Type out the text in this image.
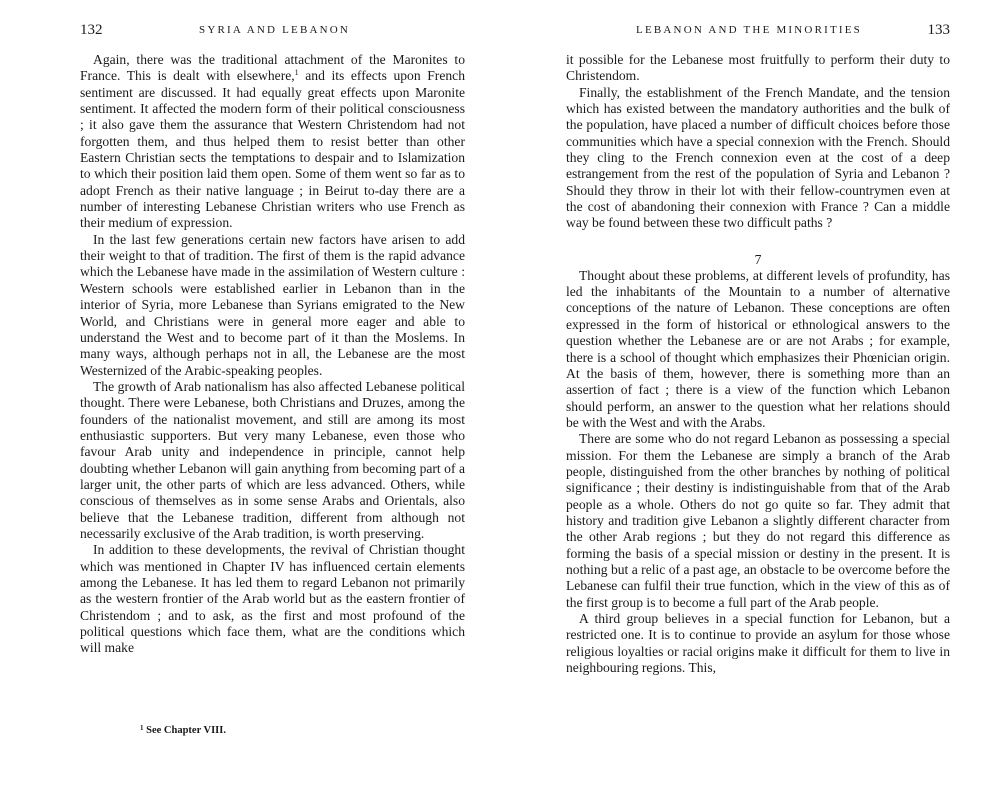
132	SYRIA AND LEBANON

Again, there was the traditional attachment of the Maronites to France. This is dealt with elsewhere,$^1$ and its effects upon French sentiment are discussed. It had equally great effects upon Maronite sentiment. It affected the modern form of their political consciousness ; it also gave them the assurance that Western Christendom had not forgotten them, and thus helped them to resist better than other Eastern Christian sects the temptations to despair and to Islamization to which their position laid them open. Some of them went so far as to adopt French as their native language ; in Beirut to-day there are a number of interesting Lebanese Christian writers who use French as their medium of expression.

In the last few generations certain new factors have arisen to add their weight to that of tradition. The first of them is the rapid advance which the Lebanese have made in the assimilation of Western culture : Western schools were established earlier in Lebanon than in the interior of Syria, more Lebanese than Syrians emigrated to the New World, and Christians were in general more eager and able to understand the West and to become part of it than the Moslems. In many ways, although perhaps not in all, the Lebanese are the most Westernized of the Arabic-speaking peoples.

The growth of Arab nationalism has also affected Lebanese political thought. There were Lebanese, both Christians and Druzes, among the founders of the nationalist movement, and still are among its most enthusiastic supporters. But very many Lebanese, even those who favour Arab unity and independence in principle, cannot help doubting whether Lebanon will gain anything from becoming part of a larger unit, the other parts of which are less advanced. Others, while conscious of themselves as in some sense Arabs and Orientals, also believe that the Lebanese tradition, different from although not necessarily exclusive of the Arab tradition, is worth preserving.

In addition to these developments, the revival of Christian thought which was mentioned in Chapter IV has influenced certain elements among the Lebanese. It has led them to regard Lebanon not primarily as the western frontier of the Arab world but as the eastern frontier of Christendom ; and to ask, as the first and most profound of the political questions which face them, what are the conditions which will make

$^1$ See Chapter VIII.
LEBANON AND THE MINORITIES	133

it possible for the Lebanese most fruitfully to perform their duty to Christendom.

Finally, the establishment of the French Mandate, and the tension which has existed between the mandatory authorities and the bulk of the population, have placed a number of difficult choices before those communities which have a special connexion with the French. Should they cling to the French connexion even at the cost of a deep estrangement from the rest of the population of Syria and Lebanon ? Should they throw in their lot with their fellow-countrymen even at the cost of abandoning their connexion with France ? Can a middle way be found between these two difficult paths ?

7

Thought about these problems, at different levels of profundity, has led the inhabitants of the Mountain to a number of alternative conceptions of the nature of Lebanon. These conceptions are often expressed in the form of historical or ethnological answers to the question whether the Lebanese are or are not Arabs ; for example, there is a school of thought which emphasizes their Phœnician origin. At the basis of them, however, there is something more than an assertion of fact ; there is a view of the function which Lebanon should perform, an answer to the question what her relations should be with the West and with the Arabs.

There are some who do not regard Lebanon as possessing a special mission. For them the Lebanese are simply a branch of the Arab people, distinguished from the other branches by nothing of political significance ; their destiny is indistinguishable from that of the Arab people as a whole. Others do not go quite so far. They admit that history and tradition give Lebanon a slightly different character from the other Arab regions ; but they do not regard this difference as forming the basis of a special mission or destiny in the present. It is nothing but a relic of a past age, an obstacle to be overcome before the Lebanese can fulfil their true function, which in the view of this as of the first group is to become a full part of the Arab people.

A third group believes in a special function for Lebanon, but a restricted one. It is to continue to provide an asylum for those whose religious loyalties or racial origins make it difficult for them to live in neighbouring regions. This,
